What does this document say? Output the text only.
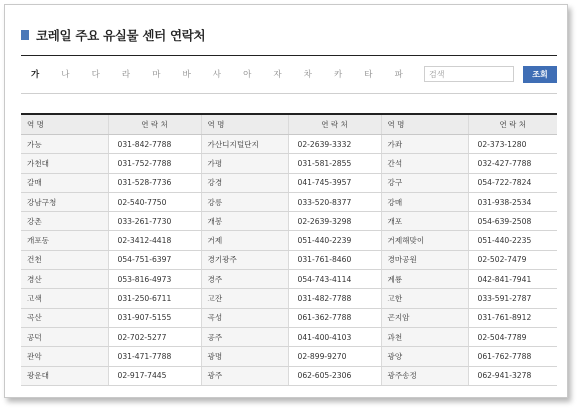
코레일 주요 유실물 센터 연락처
가	나	다	라	마	바	사	아	자	차	카	타	파
검색	조회
역 명	연 락 처	역 명	연 락 처	역 명	연 락 처
가능	031-842-7788	가산디지털단지	02-2639-3332	가좌	02-373-1280
가천대	031-752-7788	가평	031-581-2855	간석	032-427-7788
갈매	031-528-7736	강경	041-745-3957	강구	054-722-7824
강남구청	02-540-7750	강릉	033-520-8377	강매	031-938-2534
강촌	033-261-7730	개봉	02-2639-3298	개포	054-639-2508
개포동	02-3412-4418	거제	051-440-2239	거제해맞이	051-440-2235
건천	054-751-6397	경기광주	031-761-8460	경마공원	02-502-7479
경산	053-816-4973	경주	054-743-4114	계룡	042-841-7941
고색	031-250-6711	고잔	031-482-7788	고한	033-591-2787
곡산	031-907-5155	곡성	061-362-7788	곤지암	031-761-8912
공덕	02-702-5277	공주	041-400-4103	과천	02-504-7789
관악	031-471-7788	광명	02-899-9270	광양	061-762-7788
광운대	02-917-7445	광주	062-605-2306	광주송정	062-941-3278
